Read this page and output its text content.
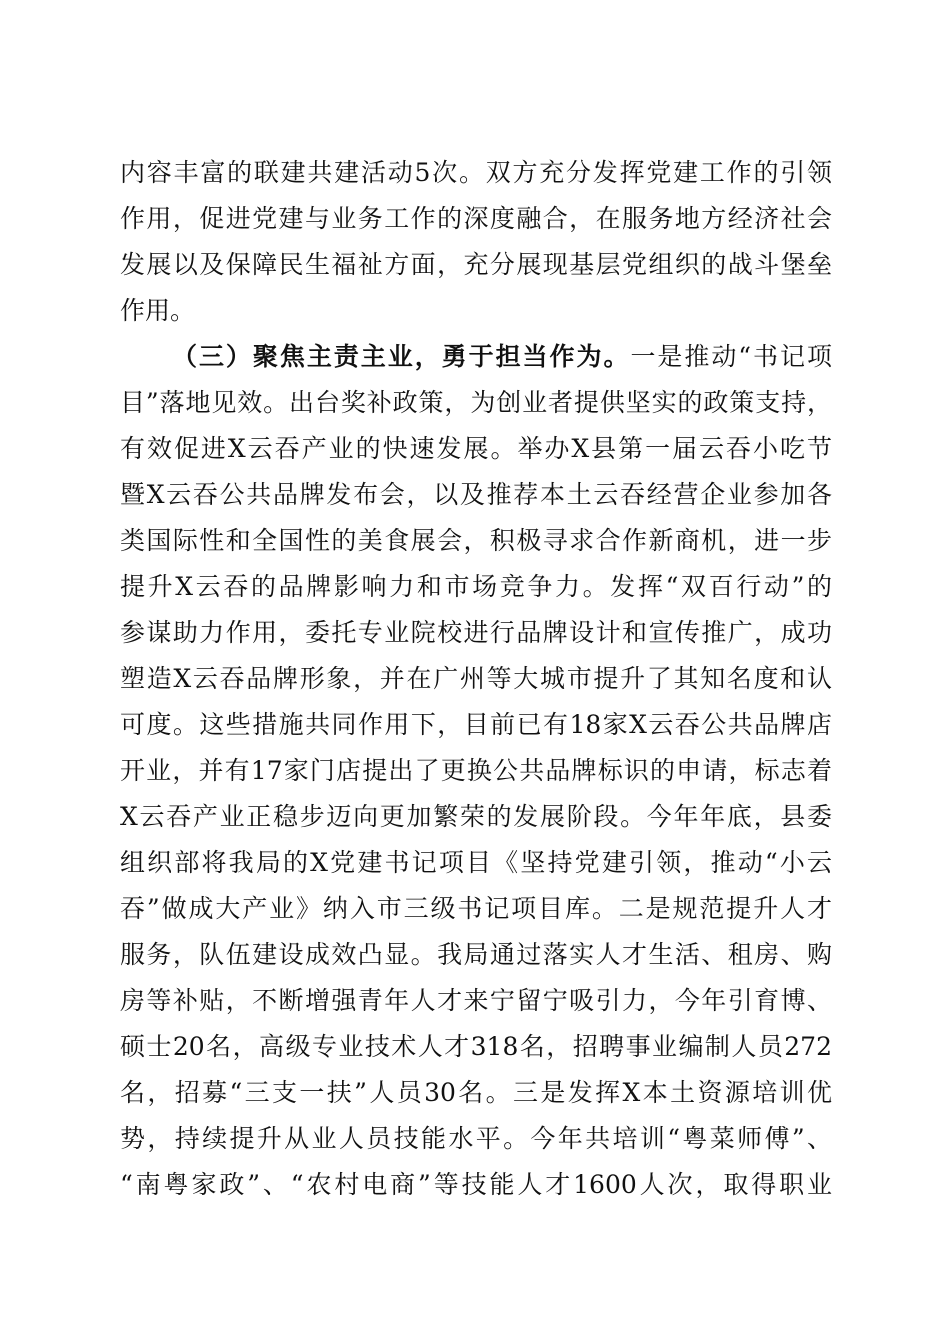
内容丰富的联建共建活动5次。双方充分发挥党建工作的引领
作用，促进党建与业务工作的深度融合，在服务地方经济社会
发展以及保障民生福祉方面，充分展现基层党组织的战斗堡垒
作用。
（三）聚焦主责主业，勇于担当作为。一是推动“书记项
目”落地见效。出台奖补政策，为创业者提供坚实的政策支持，
有效促进X云吞产业的快速发展。举办X县第一届云吞小吃节
暨X云吞公共品牌发布会，以及推荐本土云吞经营企业参加各
类国际性和全国性的美食展会，积极寻求合作新商机，进一步
提升X云吞的品牌影响力和市场竞争力。发挥“双百行动”的
参谋助力作用，委托专业院校进行品牌设计和宣传推广，成功
塑造X云吞品牌形象，并在广州等大城市提升了其知名度和认
可度。这些措施共同作用下，目前已有18家X云吞公共品牌店
开业，并有17家门店提出了更换公共品牌标识的申请，标志着
X云吞产业正稳步迈向更加繁荣的发展阶段。今年年底，县委
组织部将我局的X党建书记项目《坚持党建引领，推动“小云
吞”做成大产业》纳入市三级书记项目库。二是规范提升人才
服务，队伍建设成效凸显。我局通过落实人才生活、租房、购
房等补贴，不断增强青年人才来宁留宁吸引力，今年引育博、
硕士20名，高级专业技术人才318名，招聘事业编制人员272
名，招募“三支一扶”人员30名。三是发挥X本土资源培训优
势，持续提升从业人员技能水平。今年共培训“粤菜师傅”、
“南粤家政”、“农村电商”等技能人才1600人次，取得职业
